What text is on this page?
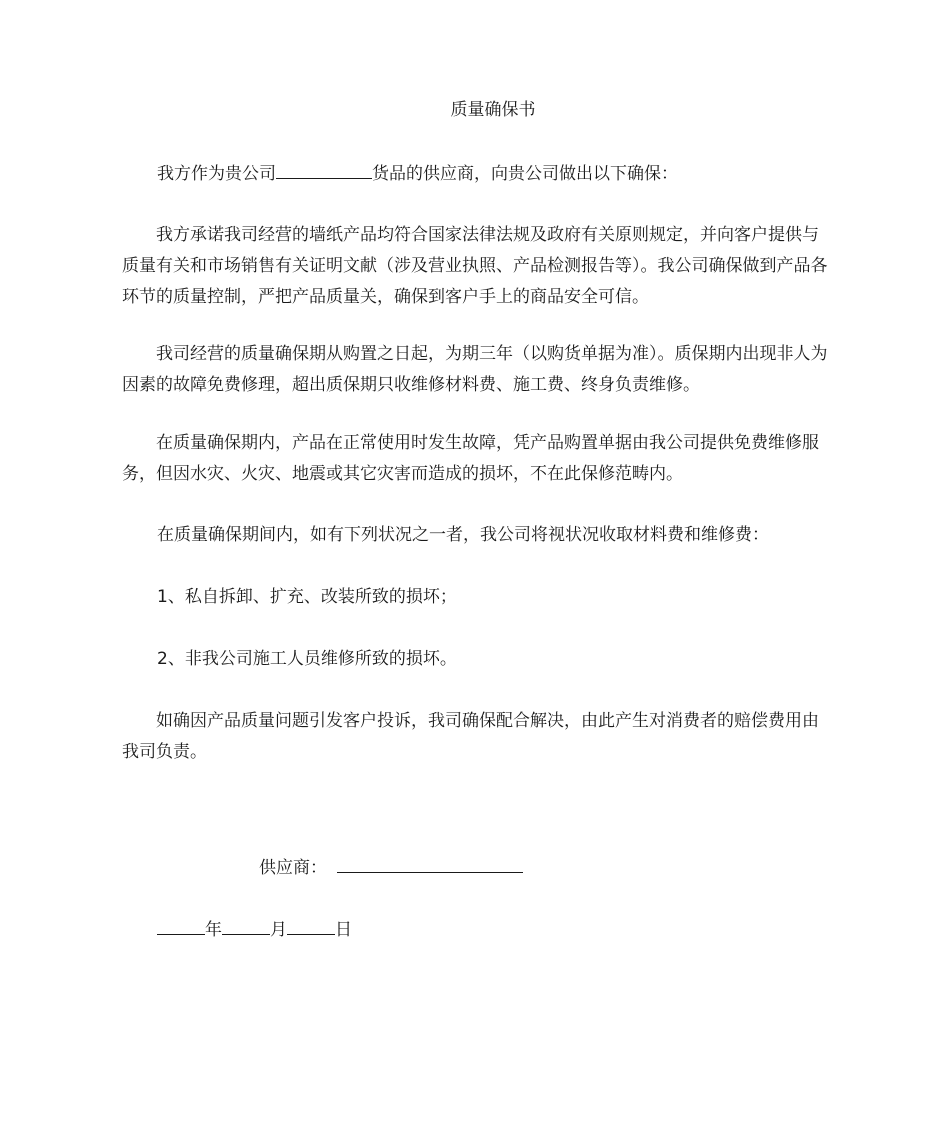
质量确保书
我方作为贵公司	货品的供应商，向贵公司做出以下确保：

我方承诺我司经营的墙纸产品均符合国家法律法规及政府有关原则规定，并向客户提供与质量有关和市场销售有关证明文献（涉及营业执照、产品检测报告等）。我公司确保做到产品各环节的质量控制，严把产品质量关，确保到客户手上的商品安全可信。

我司经营的质量确保期从购置之日起，为期三年（以购货单据为准）。质保期内出现非人为因素的故障免费修理，超出质保期只收维修材料费、施工费、终身负责维修。

在质量确保期内，产品在正常使用时发生故障，凭产品购置单据由我公司提供免费维修服务，但因水灾、火灾、地震或其它灾害而造成的损坏，不在此保修范畴内。

在质量确保期间内，如有下列状况之一者，我公司将视状况收取材料费和维修费：
1、私自拆卸、扩充、改装所致的损坏；
2、非我公司施工人员维修所致的损坏。

如确因产品质量问题引发客户投诉，我司确保配合解决，由此产生对消费者的赔偿费用由我司负责。

供应商：
年	月	日
